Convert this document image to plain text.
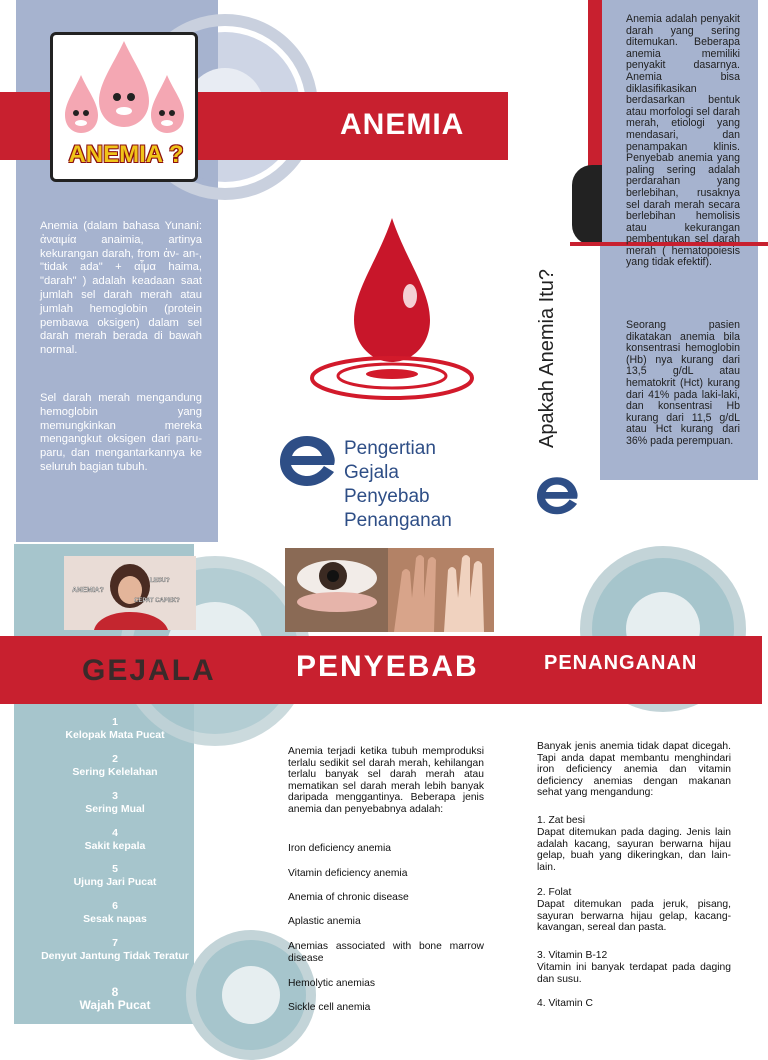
ANEMIA
ANEMIA ?
Anemia (dalam bahasa Yunani: ἀναιμία anaimia, artinya kekurangan darah, from ἀν- an-, "tidak ada" + αἷμα haima, "darah" ) adalah keadaan saat jumlah sel darah merah atau jumlah hemoglobin (protein pembawa oksigen) dalam sel darah merah berada di bawah normal.
Sel darah merah mengandung hemoglobin yang memungkinkan mereka mengangkut oksigen dari paru-paru, dan mengantarkannya ke seluruh bagian tubuh.
Pengertian
Gejala
Penyebab
Penanganan
Anemia adalah penyakit darah yang sering ditemukan. Beberapa anemia memiliki penyakit dasarnya. Anemia bisa diklasifikasikan berdasarkan bentuk atau morfologi sel darah merah, etiologi yang mendasari, dan penampakan klinis. Penyebab anemia yang paling sering adalah perdarahan yang berlebihan, rusaknya sel darah merah secara berlebihan hemolisis atau kekurangan pembentukan sel darah merah ( hematopoiesis yang tidak efektif).
Seorang pasien dikatakan anemia bila konsentrasi hemoglobin (Hb) nya kurang dari 13,5 g/dL atau hematokrit (Hct) kurang dari 41% pada laki-laki, dan konsentrasi Hb kurang dari 11,5 g/dL atau Hct kurang dari 36% pada perempuan.
Apakah Anemia Itu?
ANEMIA?
LESU?
CEPAT CAPEK?
GEJALA	PENYEBAB	PENANGANAN
1
Kelopak Mata Pucat
2
Sering Kelelahan
3
Sering Mual
4
Sakit kepala
5
Ujung Jari Pucat
6
Sesak napas
7
Denyut Jantung Tidak Teratur
8
Wajah Pucat
Anemia terjadi ketika tubuh memproduksi terlalu sedikit sel darah merah, kehilangan terlalu banyak sel darah merah atau mematikan sel darah merah lebih banyak daripada menggantinya. Beberapa jenis anemia dan penyebabnya adalah:
Iron deficiency anemia
Vitamin deficiency anemia
Anemia of chronic disease
Aplastic anemia
Anemias associated with bone marrow disease
Hemolytic anemias
Sickle cell anemia
Banyak jenis anemia tidak dapat dicegah. Tapi anda dapat membantu menghindari iron deficiency anemia dan vitamin deficiency anemias dengan makanan sehat yang mengandung:
1. Zat besi
Dapat ditemukan pada daging. Jenis lain adalah kacang, sayuran berwarna hijau gelap, buah yang dikeringkan, dan lain-lain.
2. Folat
Dapat ditemukan pada jeruk, pisang, sayuran berwarna hijau gelap, kacang-kavangan, sereal dan pasta.
3. Vitamin B-12
Vitamin ini banyak terdapat pada daging dan susu.
4. Vitamin C
